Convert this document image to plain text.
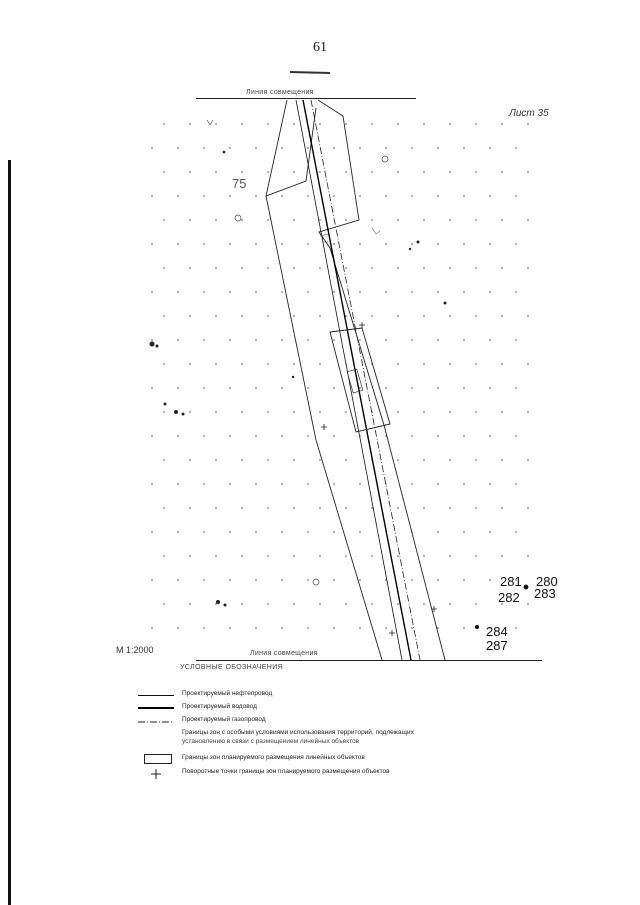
61
Лист 35
Линия совмещения
Линия совмещения
75
281 280
282 283
284
287
М 1:2000
УСЛОВНЫЕ ОБОЗНАЧЕНИЯ
Проектируемый нефтепровод
Проектируемый водовод
Проектируемый газопровод
Границы зон с особыми условиями использования территорий, подлежащих
установлению в связи с размещением линейных объектов
Границы зон планируемого размещения линейных объектов
Поворотные точки границы зон планируемого размещения объектов
